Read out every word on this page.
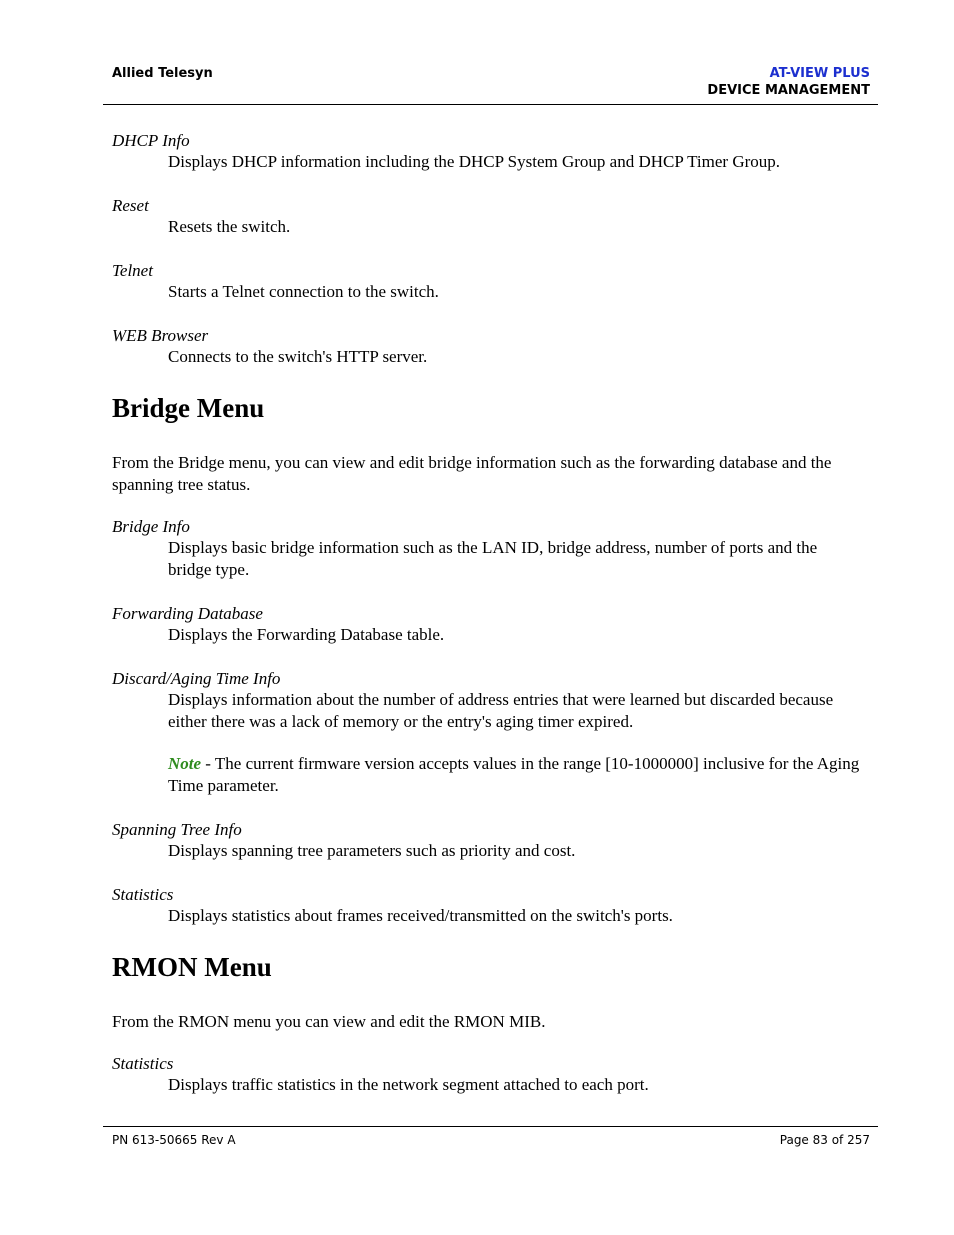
Allied Telesyn	AT-VIEW PLUS
DEVICE MANAGEMENT

DHCP Info

Displays DHCP information including the DHCP System Group and DHCP Timer Group.

Reset

Resets the switch.

Telnet

Starts a Telnet connection to the switch.

WEB Browser

Connects to the switch's HTTP server.

Bridge Menu

From the Bridge menu, you can view and edit bridge information such as the forwarding database and the spanning tree status.

Bridge Info

Displays basic bridge information such as the LAN ID, bridge address, number of ports and the bridge type.

Forwarding Database

Displays the Forwarding Database table.

Discard/Aging Time Info

Displays information about the number of address entries that were learned but discarded because either there was a lack of memory or the entry's aging timer expired.

Note - The current firmware version accepts values in the range [10-1000000] inclusive for the Aging Time parameter.

Spanning Tree Info

Displays spanning tree parameters such as priority and cost.

Statistics

Displays statistics about frames received/transmitted on the switch's ports.

RMON Menu

From the RMON menu you can view and edit the RMON MIB.

Statistics

Displays traffic statistics in the network segment attached to each port.

PN 613-50665 Rev A	Page 83 of 257
